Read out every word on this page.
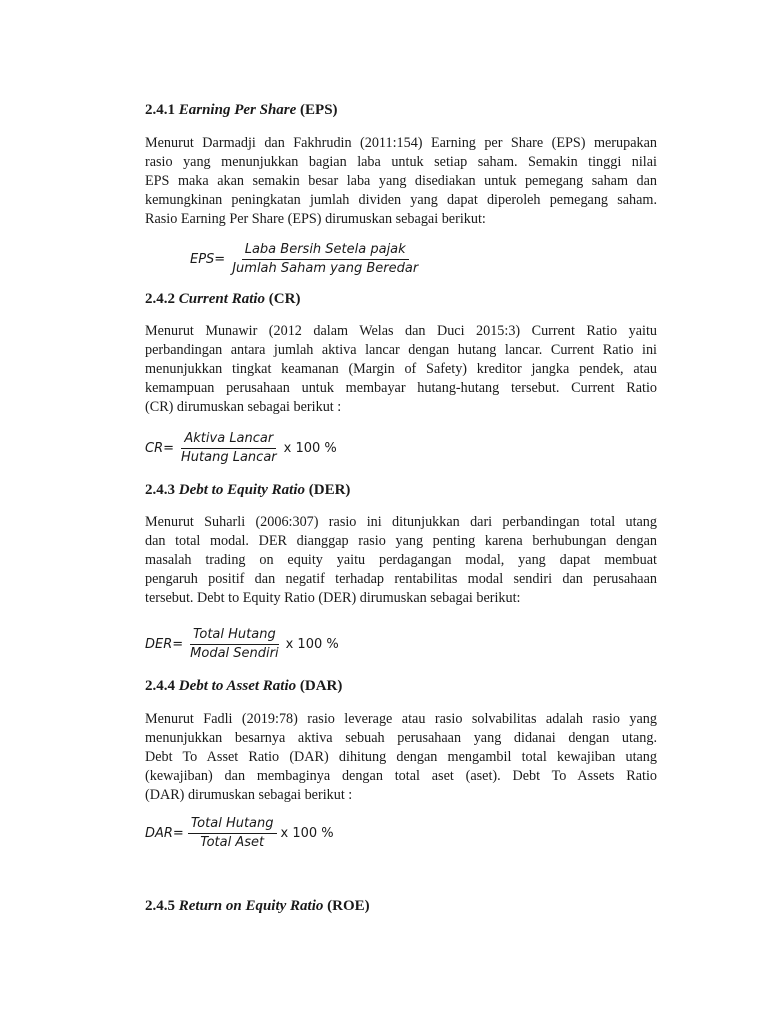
2.4.1 Earning Per Share (EPS)
Menurut Darmadji dan Fakhrudin (2011:154) Earning per Share (EPS) merupakan
rasio yang menunjukkan bagian laba untuk setiap saham. Semakin tinggi nilai
EPS maka akan semakin besar laba yang disediakan untuk pemegang saham dan
kemungkinan peningkatan jumlah dividen yang dapat diperoleh pemegang saham.
Rasio Earning Per Share (EPS) dirumuskan sebagai berikut:
$EPS= \frac{\text{Laba Bersih Setela pajak}}{\text{Jumlah Saham yang Beredar}}$
2.4.2 Current Ratio (CR)
Menurut Munawir (2012 dalam Welas dan Duci 2015:3) Current Ratio yaitu
perbandingan antara jumlah aktiva lancar dengan hutang lancar. Current Ratio ini
menunjukkan tingkat keamanan (Margin of Safety) kreditor jangka pendek, atau
kemampuan perusahaan untuk membayar hutang-hutang tersebut. Current Ratio
(CR) dirumuskan sebagai berikut :
$CR= \frac{\text{Aktiva Lancar}}{\text{Hutang Lancar}}$ x 100 %
2.4.3 Debt to Equity Ratio (DER)
Menurut Suharli (2006:307) rasio ini ditunjukkan dari perbandingan total utang
dan total modal. DER dianggap rasio yang penting karena berhubungan dengan
masalah trading on equity yaitu perdagangan modal, yang dapat membuat
pengaruh positif dan negatif terhadap rentabilitas modal sendiri dan perusahaan
tersebut. Debt to Equity Ratio (DER) dirumuskan sebagai berikut:
$DER= \frac{\text{Total Hutang}}{\text{Modal Sendiri}}$ x 100 %
2.4.4 Debt to Asset Ratio (DAR)
Menurut Fadli (2019:78) rasio leverage atau rasio solvabilitas adalah rasio yang
menunjukkan besarnya aktiva sebuah perusahaan yang didanai dengan utang.
Debt To Asset Ratio (DAR) dihitung dengan mengambil total kewajiban utang
(kewajiban) dan membaginya dengan total aset (aset). Debt To Assets Ratio
(DAR) dirumuskan sebagai berikut :
$DAR= \frac{\text{Total Hutang}}{\text{Total Aset}}$ x 100 %
2.4.5 Return on Equity Ratio (ROE)
